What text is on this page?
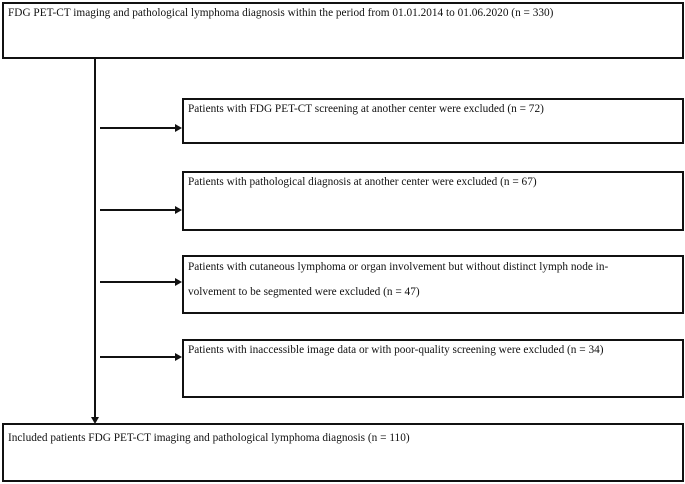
FDG PET-CT imaging and pathological lymphoma diagnosis within the period from 01.01.2014 to 01.06.2020 (n = 330)

Patients with FDG PET-CT screening at another center were excluded (n = 72)

Patients with pathological diagnosis at another center were excluded (n = 67)

Patients with cutaneous lymphoma or organ involvement but without distinct lymph node in-

volvement to be segmented were excluded (n = 47)

Patients with inaccessible image data or with poor-quality screening were excluded (n = 34)

Included patients FDG PET-CT imaging and pathological lymphoma diagnosis (n = 110)
